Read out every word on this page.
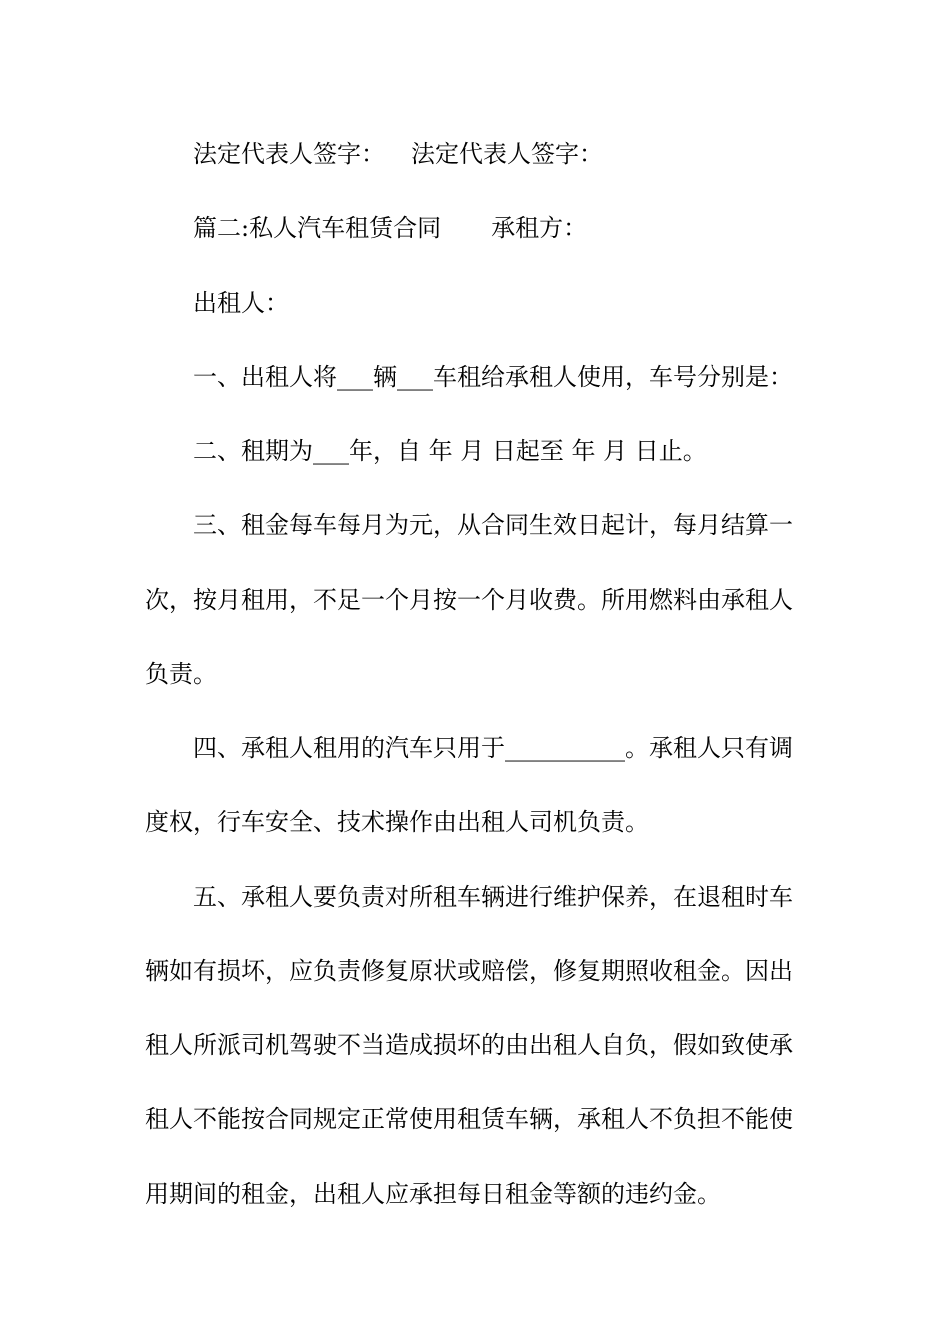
法定代表人签字： 法定代表人签字：
篇二:私人汽车租赁合同 承租方：
出租人：
一、出租人将___辆___车租给承租人使用，车号分别是：
二、租期为___年，自 年 月 日起至 年 月 日止。
三、租金每车每月为元，从合同生效日起计，每月结算一
次，按月租用，不足一个月按一个月收费。所用燃料由承租人
负责。
四、承租人租用的汽车只用于__________。承租人只有调
度权，行车安全、技术操作由出租人司机负责。
五、承租人要负责对所租车辆进行维护保养，在退租时车
辆如有损坏，应负责修复原状或赔偿，修复期照收租金。因出
租人所派司机驾驶不当造成损坏的由出租人自负，假如致使承
租人不能按合同规定正常使用租赁车辆，承租人不负担不能使
用期间的租金，出租人应承担每日租金等额的违约金。
